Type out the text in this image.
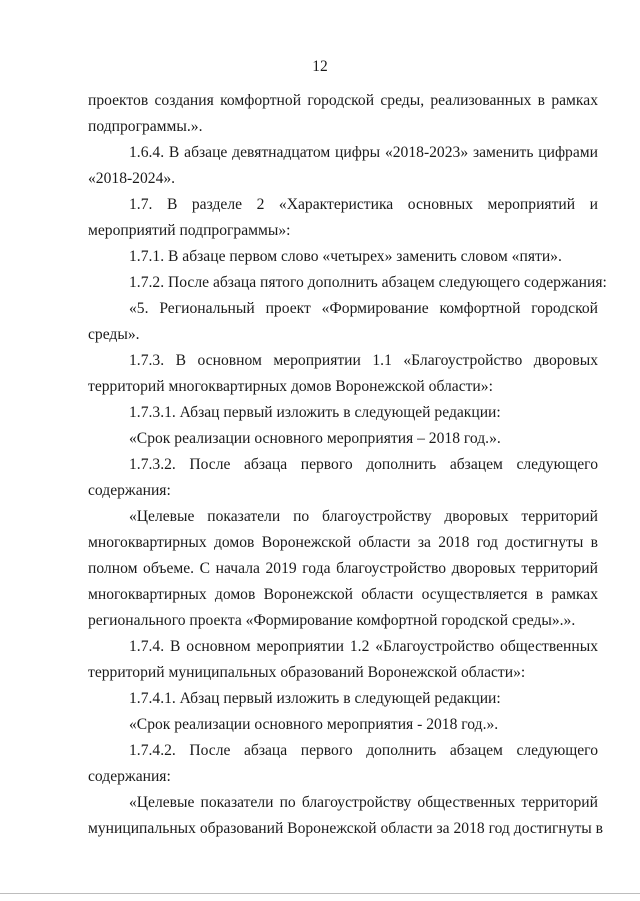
12
проектов создания комфортной городской среды, реализованных в рамках
подпрограммы.».
1.6.4. В абзаце девятнадцатом цифры «2018-2023» заменить цифрами
«2018-2024».
1.7. В разделе 2 «Характеристика основных мероприятий и
мероприятий подпрограммы»:
1.7.1. В абзаце первом слово «четырех» заменить словом «пяти».
1.7.2. После абзаца пятого дополнить абзацем следующего содержания:
«5. Региональный проект «Формирование комфортной городской
среды».
1.7.3. В основном мероприятии 1.1 «Благоустройство дворовых
территорий многоквартирных домов Воронежской области»:
1.7.3.1. Абзац первый изложить в следующей редакции:
«Срок реализации основного мероприятия – 2018 год.».
1.7.3.2. После абзаца первого дополнить абзацем следующего
содержания:
«Целевые показатели по благоустройству дворовых территорий
многоквартирных домов Воронежской области за 2018 год достигнуты в
полном объеме. С начала 2019 года благоустройство дворовых территорий
многоквартирных домов Воронежской области осуществляется в рамках
регионального проекта «Формирование комфортной городской среды».».
1.7.4. В основном мероприятии 1.2 «Благоустройство общественных
территорий муниципальных образований Воронежской области»:
1.7.4.1. Абзац первый изложить в следующей редакции:
«Срок реализации основного мероприятия - 2018 год.».
1.7.4.2. После абзаца первого дополнить абзацем следующего
содержания:
«Целевые показатели по благоустройству общественных территорий
муниципальных образований Воронежской области за 2018 год достигнуты в
